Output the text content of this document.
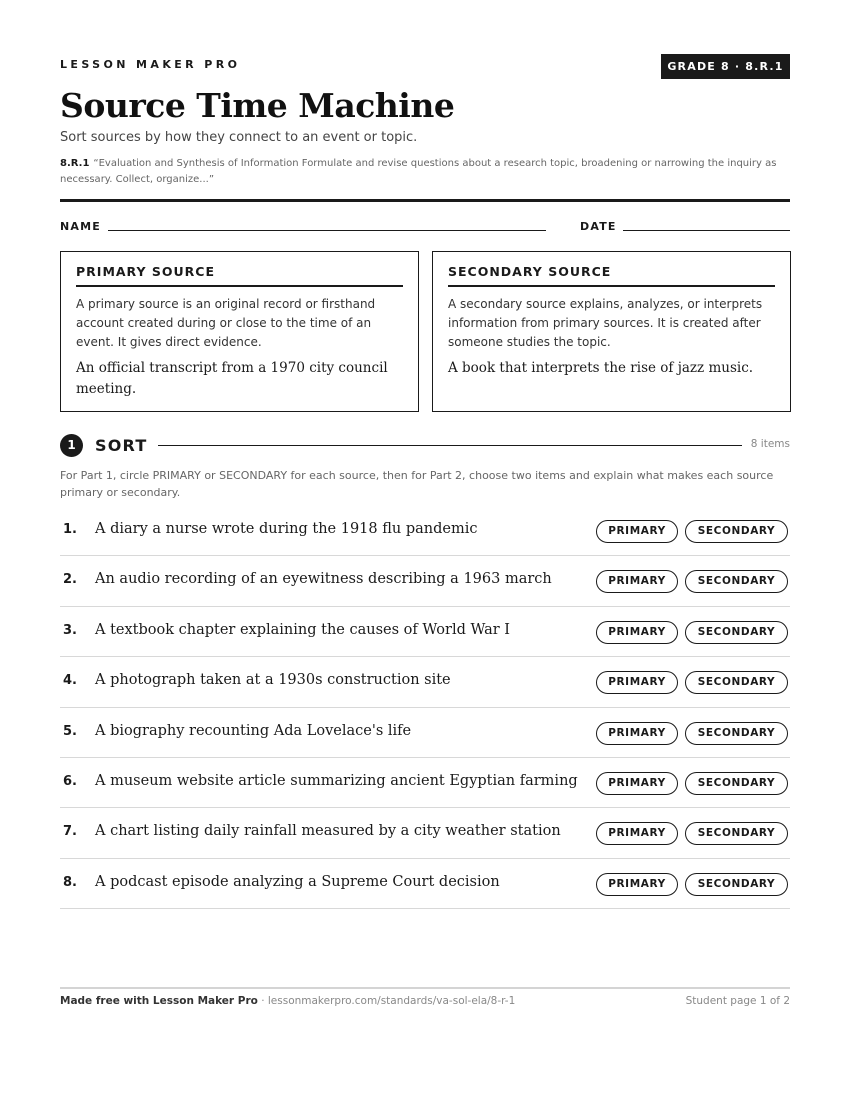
LESSON MAKER PRO	GRADE 8 · 8.R.1
Source Time Machine
Sort sources by how they connect to an event or topic.
8.R.1 “Evaluation and Synthesis of Information Formulate and revise questions about a research topic, broadening or narrowing the inquiry as necessary. Collect, organize...”
NAME	DATE
PRIMARY SOURCE
A primary source is an original record or firsthand account created during or close to the time of an event. It gives direct evidence.
An official transcript from a 1970 city council meeting.
SECONDARY SOURCE
A secondary source explains, analyzes, or interprets information from primary sources. It is created after someone studies the topic.
A book that interprets the rise of jazz music.
1	SORT	8 items
For Part 1, circle PRIMARY or SECONDARY for each source, then for Part 2, choose two items and explain what makes each source primary or secondary.
1. A diary a nurse wrote during the 1918 flu pandemic	PRIMARY	SECONDARY
2. An audio recording of an eyewitness describing a 1963 march	PRIMARY	SECONDARY
3. A textbook chapter explaining the causes of World War I	PRIMARY	SECONDARY
4. A photograph taken at a 1930s construction site	PRIMARY	SECONDARY
5. A biography recounting Ada Lovelace's life	PRIMARY	SECONDARY
6. A museum website article summarizing ancient Egyptian farming	PRIMARY	SECONDARY
7. A chart listing daily rainfall measured by a city weather station	PRIMARY	SECONDARY
8. A podcast episode analyzing a Supreme Court decision	PRIMARY	SECONDARY
Made free with Lesson Maker Pro · lessonmakerpro.com/standards/va-sol-ela/8-r-1	Student page 1 of 2
